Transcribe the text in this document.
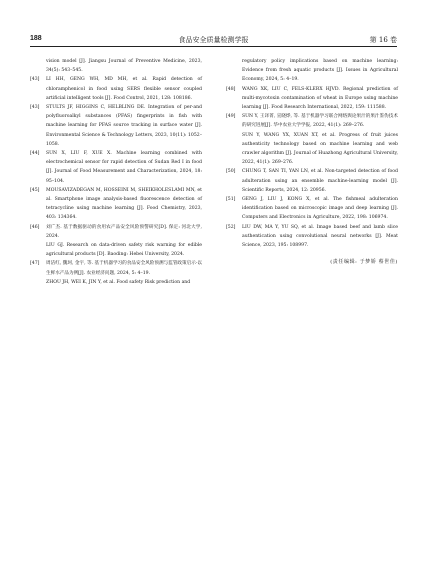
188	食品安全质量检测学报	第 16 卷
vision model [J]. Jiangsu Journal of Preventive Medicine, 2023, 34(5): 543–545.
[43] LI HH, GENG WH, MD MH, et al. Rapid detection of chloramphenicol in food using SERS flexible sensor coupled artificial intelligent tools [J]. Food Control, 2021, 128: 108186.
[43] STULTS JF, HIGGINS C, HELBLING DE. Integration of per-and polyfluoroalkyl substances (PFAS) fingerprints in fish with machine learning for PFAS source tracking in surface water [J]. Environmental Science & Technology Letters, 2023, 10(11): 1052–1058.
[44] SUN X, LIU F, XUE X. Machine learning combined with electrochemical sensor for rapid detection of Sudan Red I in food [J]. Journal of Food Measurement and Characterization, 2024, 18: 95–104.
[45] MOUSAVIZADEGAN M, HOSSEINI M, SHEIKHOLESLAMI MN, et al. Smartphone image analysis-based fluorescence detection of tetracycline using machine learning [J]. Food Chemistry, 2023, 403: 134364.
[46] 刘广杰. 基于数据驱动的食用农产品安全风险预警研究[D]. 保定: 河北大学, 2024.
LIU GJ. Research on data-driven safety risk warning for edible agricultural products [D]. Baoding: Hebei University, 2024.
[47] 周洁红, 魏珂, 金宇, 等. 基于机器学习的食品安全风险预测与监管政策启示-以生鲜水产品为例[J]. 农业经济问题, 2024, 5: 4–19.
ZHOU JH, WEI K, JIN Y, et al. Food safety Risk prediction and
regulatory policy implications based on machine learning: Evidence from fresh aquatic products [J]. Issues in Agricultural Economy, 2024, 5: 4–19.
[48] WANG XK, LIU C, FELS-KLERX HJVD. Regional prediction of multi-mycotoxin contamination of wheat in Europe using machine learning [J]. Food Research International, 2022, 159: 111588.
[49] SUN Y, 王译菁, 宣晓烨, 等. 基于机器学习联合网络舆论果汁的果汁鉴伪技术的研究进展[J]. 华中农业大学学报, 2022, 41(1): 269–276.
SUN Y, WANG YX, XUAN XT, et al. Progress of fruit juices authenticity technology based on machine learning and web crawler algorithm [J]. Journal of Huazhong Agricultural University, 2022, 41(1): 269–276.
[50] CHUNG T, SAN TI, YAN LN, et al. Non-targeted detection of food adulteration using an ensemble machine-learning model [J]. Scientific Reports, 2024, 12: 20956.
[51] GENG J, LIU J, KONG X, et al. The fishmeal adulteration identification based on microscopic image and deep learning [J]. Computers and Electronics in Agriculture, 2022, 198: 106974.
[52] LIU DW, MA Y, YU SQ, et al. Image based beef and lamb slice authentication using convolutional neural networks [J]. Meat Science, 2023, 195: 108997.
(责任编辑: 于梦娇 蔡世佳)
